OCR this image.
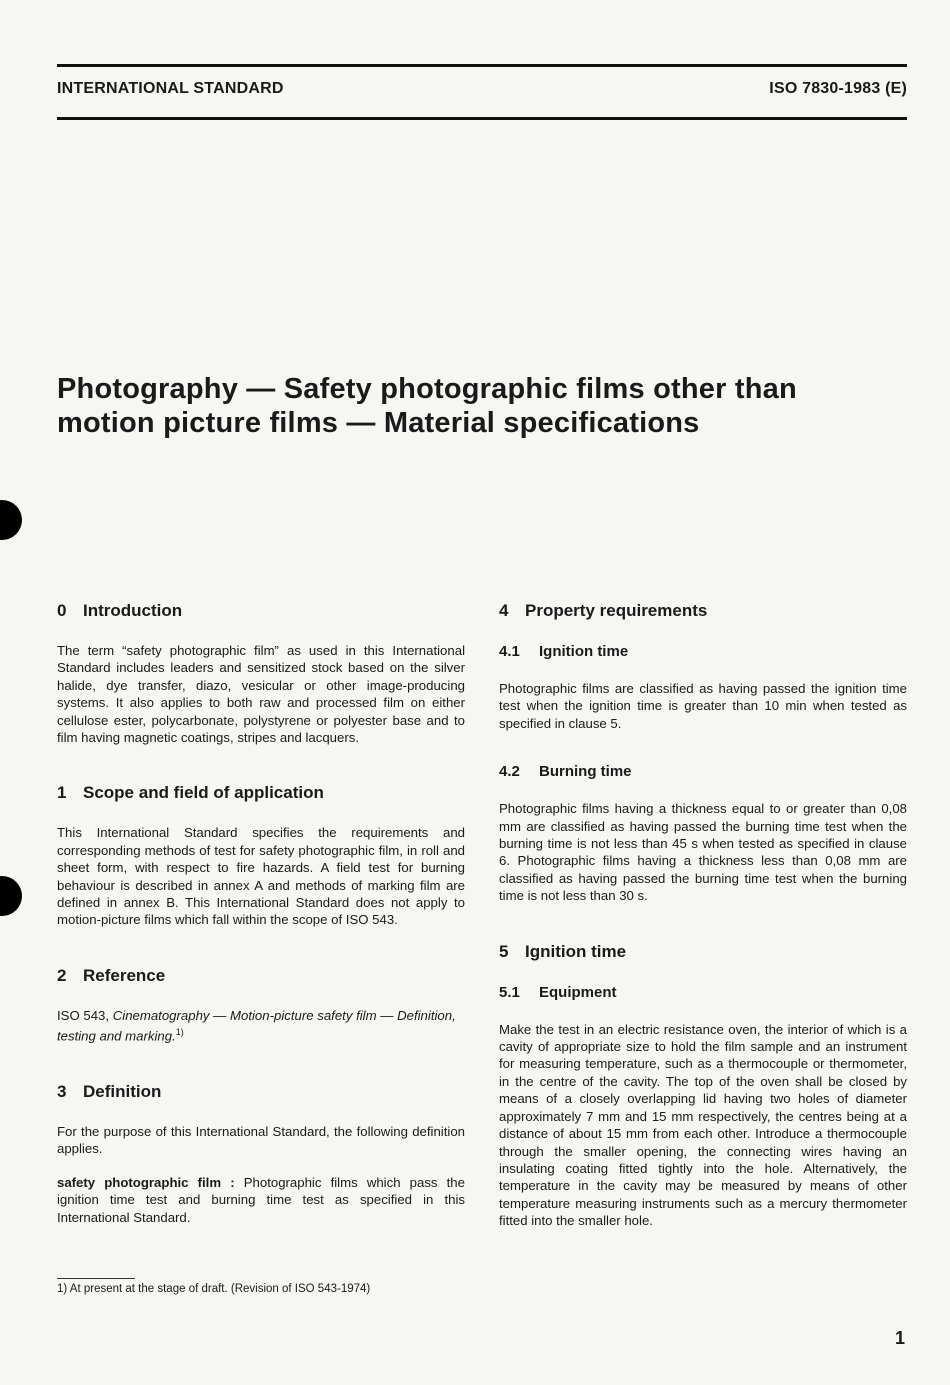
INTERNATIONAL STANDARD	ISO 7830-1983 (E)
Photography — Safety photographic films other than
motion picture films — Material specifications
0 Introduction

The term “safety photographic film” as used in this International Standard includes leaders and sensitized stock based on the silver halide, dye transfer, diazo, vesicular or other image-producing systems. It also applies to both raw and processed film on either cellulose ester, polycarbonate, polystyrene or polyester base and to film having magnetic coatings, stripes and lacquers.

1 Scope and field of application

This International Standard specifies the requirements and corresponding methods of test for safety photographic film, in roll and sheet form, with respect to fire hazards. A field test for burning behaviour is described in annex A and methods of marking film are defined in annex B. This International Standard does not apply to motion-picture films which fall within the scope of ISO 543.

2 Reference

ISO 543, Cinematography — Motion-picture safety film — Definition, testing and marking.$^{1)}$

3 Definition

For the purpose of this International Standard, the following definition applies.

safety photographic film : Photographic films which pass the ignition time test and burning time test as specified in this International Standard.

4 Property requirements
4.1 Ignition time

Photographic films are classified as having passed the ignition time test when the ignition time is greater than 10 min when tested as specified in clause 5.

4.2 Burning time

Photographic films having a thickness equal to or greater than 0,08 mm are classified as having passed the burning time test when the burning time is not less than 45 s when tested as specified in clause 6. Photographic films having a thickness less than 0,08 mm are classified as having passed the burning time test when the burning time is not less than 30 s.

5 Ignition time
5.1 Equipment

Make the test in an electric resistance oven, the interior of which is a cavity of appropriate size to hold the film sample and an instrument for measuring temperature, such as a thermocouple or thermometer, in the centre of the cavity. The top of the oven shall be closed by means of a closely overlapping lid having two holes of diameter approximately 7 mm and 15 mm respectively, the centres being at a distance of about 15 mm from each other. Introduce a thermocouple through the smaller opening, the connecting wires having an insulating coating fitted tightly into the hole. Alternatively, the temperature in the cavity may be measured by means of other temperature measuring instruments such as a mercury thermometer fitted into the smaller hole.

1) At present at the stage of draft. (Revision of ISO 543-1974)
1
